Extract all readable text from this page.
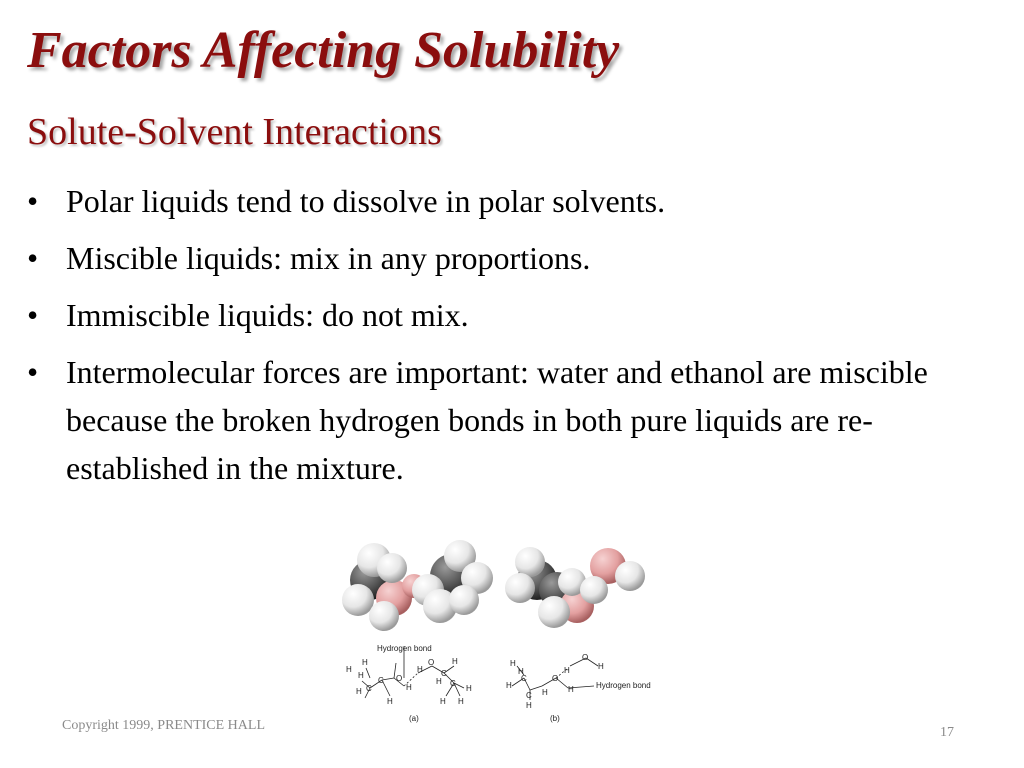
Factors Affecting Solubility
Solute-Solvent Interactions
• Polar liquids tend to dissolve in polar solvents.
• Miscible liquids: mix in any proportions.
• Immiscible liquids: do not mix.
• Intermolecular forces are important: water and ethanol are miscible because the broken hydrogen bonds in both pure liquids are re-established in the mixture.
H
H
C
H
C
H
H
O
H
H
O
C
H
C
H
H
H
H
Hydrogen bond
(a)
H
H
C
H
C
H
H
O
H
H
O
H
Hydrogen bond
(b)
Copyright 1999, PRENTICE HALL	17
